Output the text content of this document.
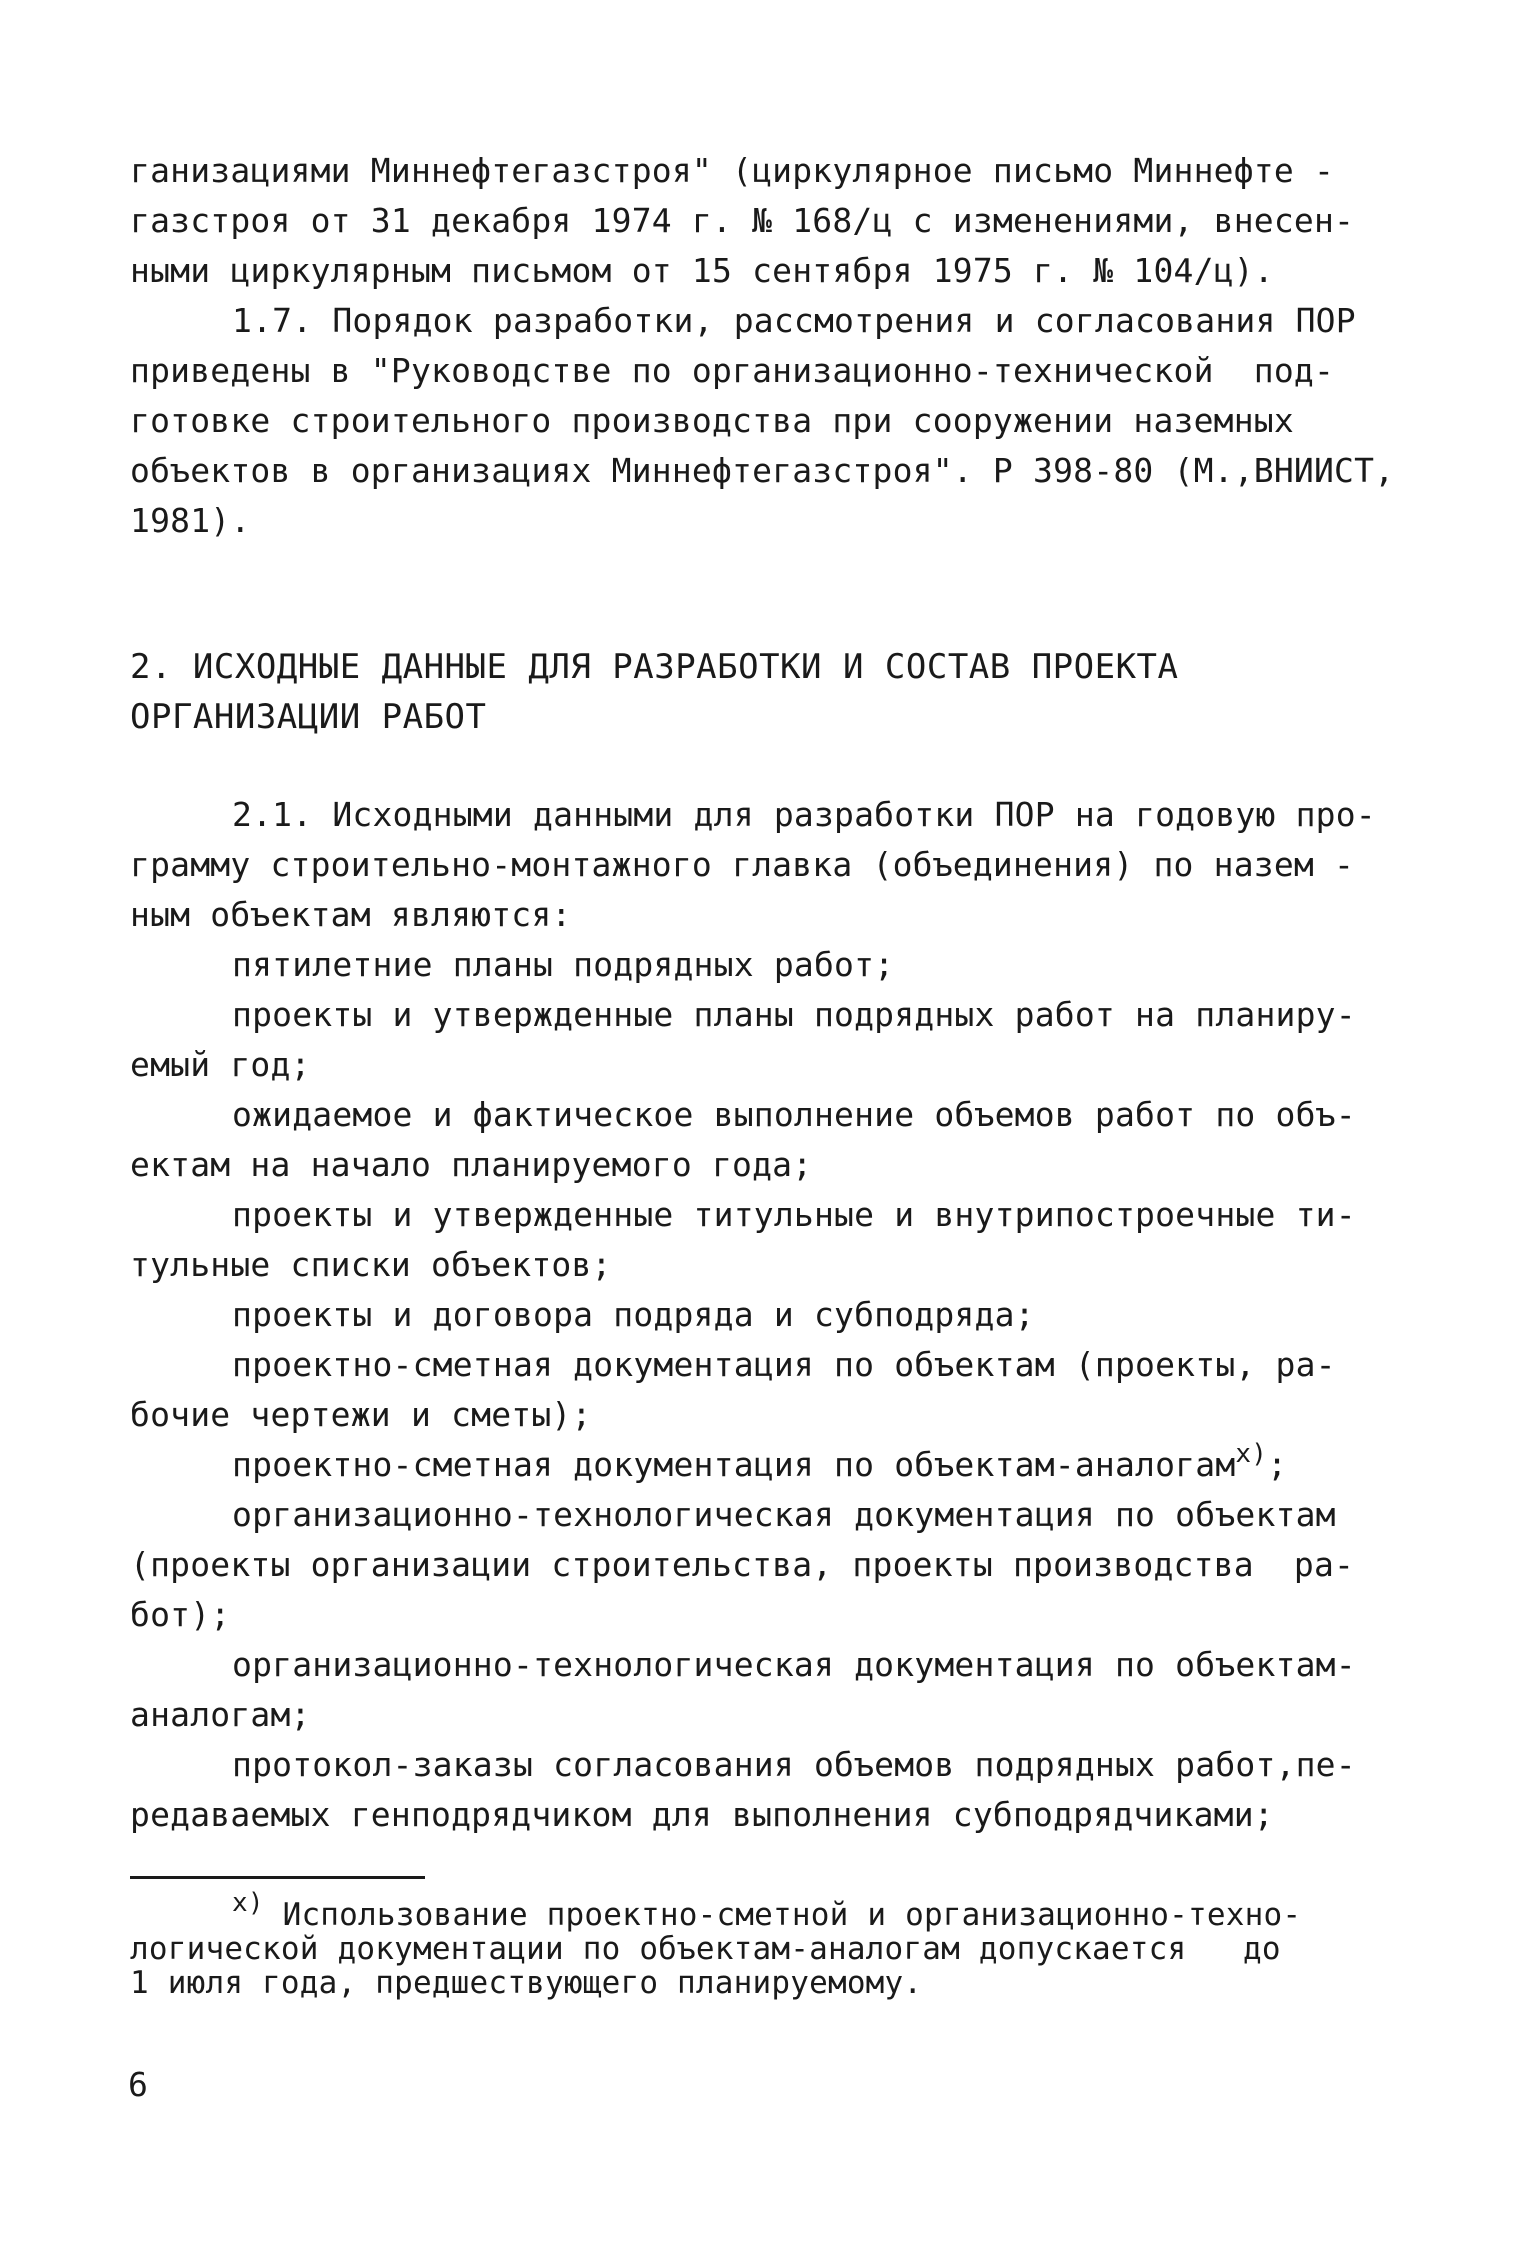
ганизациями Миннефтегазстроя" (циркулярное письмо Миннефте -
газстроя от 31 декабря 1974 г. № 168/ц с изменениями, внесен-
ными циркулярным письмом от 15 сентября 1975 г. № 104/ц).
1.7. Порядок разработки, рассмотрения и согласования ПОР
приведены в "Руководстве по организационно-технической  под-
готовке строительного производства при сооружении наземных
объектов в организациях Миннефтегазстроя". Р 398-80 (М.,ВНИИСТ,
1981).
2. ИСХОДНЫЕ ДАННЫЕ ДЛЯ РАЗРАБОТКИ И СОСТАВ ПРОЕКТА
ОРГАНИЗАЦИИ РАБОТ
2.1. Исходными данными для разработки ПОР на годовую про-
грамму строительно-монтажного главка (объединения) по назем -
ным объектам являются:
пятилетние планы подрядных работ;
проекты и утвержденные планы подрядных работ на планиру-
емый год;
ожидаемое и фактическое выполнение объемов работ по объ-
ектам на начало планируемого года;
проекты и утвержденные титульные и внутрипостроечные ти-
тульные списки объектов;
проекты и договора подряда и субподряда;
проектно-сметная документация по объектам (проекты, ра-
бочие чертежи и сметы);
проектно-сметная документация по объектам-аналогам$^{x)}$;
организационно-технологическая документация по объектам
(проекты организации строительства, проекты производства  ра-
бот);
организационно-технологическая документация по объектам-
аналогам;
протокол-заказы согласования объемов подрядных работ,пе-
редаваемых генподрядчиком для выполнения субподрядчиками;
$^{x)}$ Использование проектно-сметной и организационно-техно-
логической документации по объектам-аналогам допускается   до
1 июля года, предшествующего планируемому.
6
